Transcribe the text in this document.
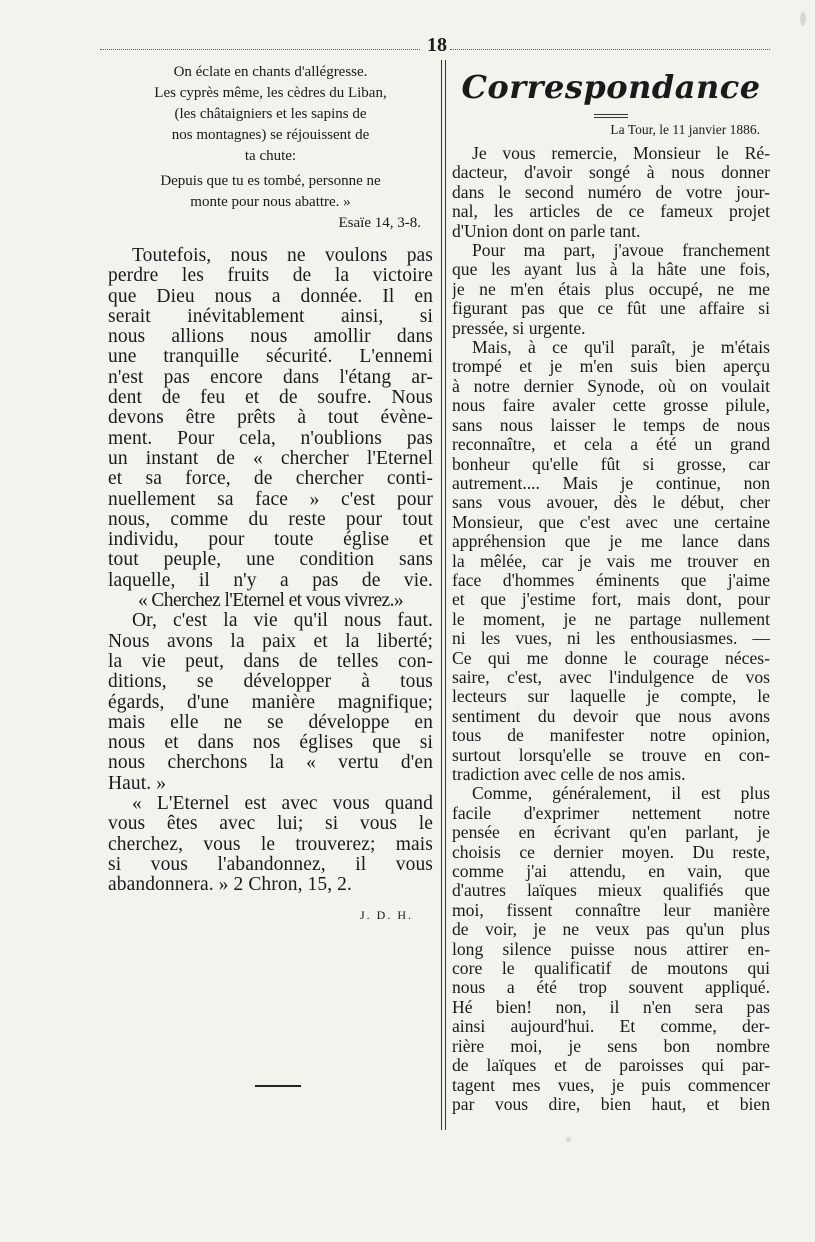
18
On éclate en chants d'allégresse.
Les cyprès même, les cèdres du Liban,
(les châtaigniers et les sapins de
nos montagnes) se réjouissent de
ta chute:
Depuis que tu es tombé, personne ne
monte pour nous abattre. »
Esaïe 14, 3-8.
Toutefois, nous ne voulons pas
perdre les fruits de la victoire
que Dieu nous a donnée. Il en
serait inévitablement ainsi, si
nous allions nous amollir dans
une tranquille sécurité. L'ennemi
n'est pas encore dans l'étang ar-
dent de feu et de soufre. Nous
devons être prêts à tout évène-
ment. Pour cela, n'oublions pas
un instant de « chercher l'Eternel
et sa force, de chercher conti-
nuellement sa face » c'est pour
nous, comme du reste pour tout
individu, pour toute église et
tout peuple, une condition sans
laquelle, il n'y a pas de vie.
« Cherchez l'Eternel et vous vivrez.»
Or, c'est la vie qu'il nous faut.
Nous avons la paix et la liberté;
la vie peut, dans de telles con-
ditions, se développer à tous
égards, d'une manière magnifique;
mais elle ne se développe en
nous et dans nos églises que si
nous cherchons la « vertu d'en
Haut. »
« L'Eternel est avec vous quand
vous êtes avec lui; si vous le
cherchez, vous le trouverez; mais
si vous l'abandonnez, il vous
abandonnera. » 2 Chron, 15, 2.
J. D. H.
Correspondance
La Tour, le 11 janvier 1886.
Je vous remercie, Monsieur le Ré-
dacteur, d'avoir songé à nous donner
dans le second numéro de votre jour-
nal, les articles de ce fameux projet
d'Union dont on parle tant.
Pour ma part, j'avoue franchement
que les ayant lus à la hâte une fois,
je ne m'en étais plus occupé, ne me
figurant pas que ce fût une affaire si
pressée, si urgente.
Mais, à ce qu'il paraît, je m'étais
trompé et je m'en suis bien aperçu
à notre dernier Synode, où on voulait
nous faire avaler cette grosse pilule,
sans nous laisser le temps de nous
reconnaître, et cela a été un grand
bonheur qu'elle fût si grosse, car
autrement.... Mais je continue, non
sans vous avouer, dès le début, cher
Monsieur, que c'est avec une certaine
appréhension que je me lance dans
la mêlée, car je vais me trouver en
face d'hommes éminents que j'aime
et que j'estime fort, mais dont, pour
le moment, je ne partage nullement
ni les vues, ni les enthousiasmes. —
Ce qui me donne le courage néces-
saire, c'est, avec l'indulgence de vos
lecteurs sur laquelle je compte, le
sentiment du devoir que nous avons
tous de manifester notre opinion,
surtout lorsqu'elle se trouve en con-
tradiction avec celle de nos amis.
Comme, généralement, il est plus
facile d'exprimer nettement notre
pensée en écrivant qu'en parlant, je
choisis ce dernier moyen. Du reste,
comme j'ai attendu, en vain, que
d'autres laïques mieux qualifiés que
moi, fissent connaître leur manière
de voir, je ne veux pas qu'un plus
long silence puisse nous attirer en-
core le qualificatif de moutons qui
nous a été trop souvent appliqué.
Hé bien! non, il n'en sera pas
ainsi aujourd'hui. Et comme, der-
rière moi, je sens bon nombre
de laïques et de paroisses qui par-
tagent mes vues, je puis commencer
par vous dire, bien haut, et bien
